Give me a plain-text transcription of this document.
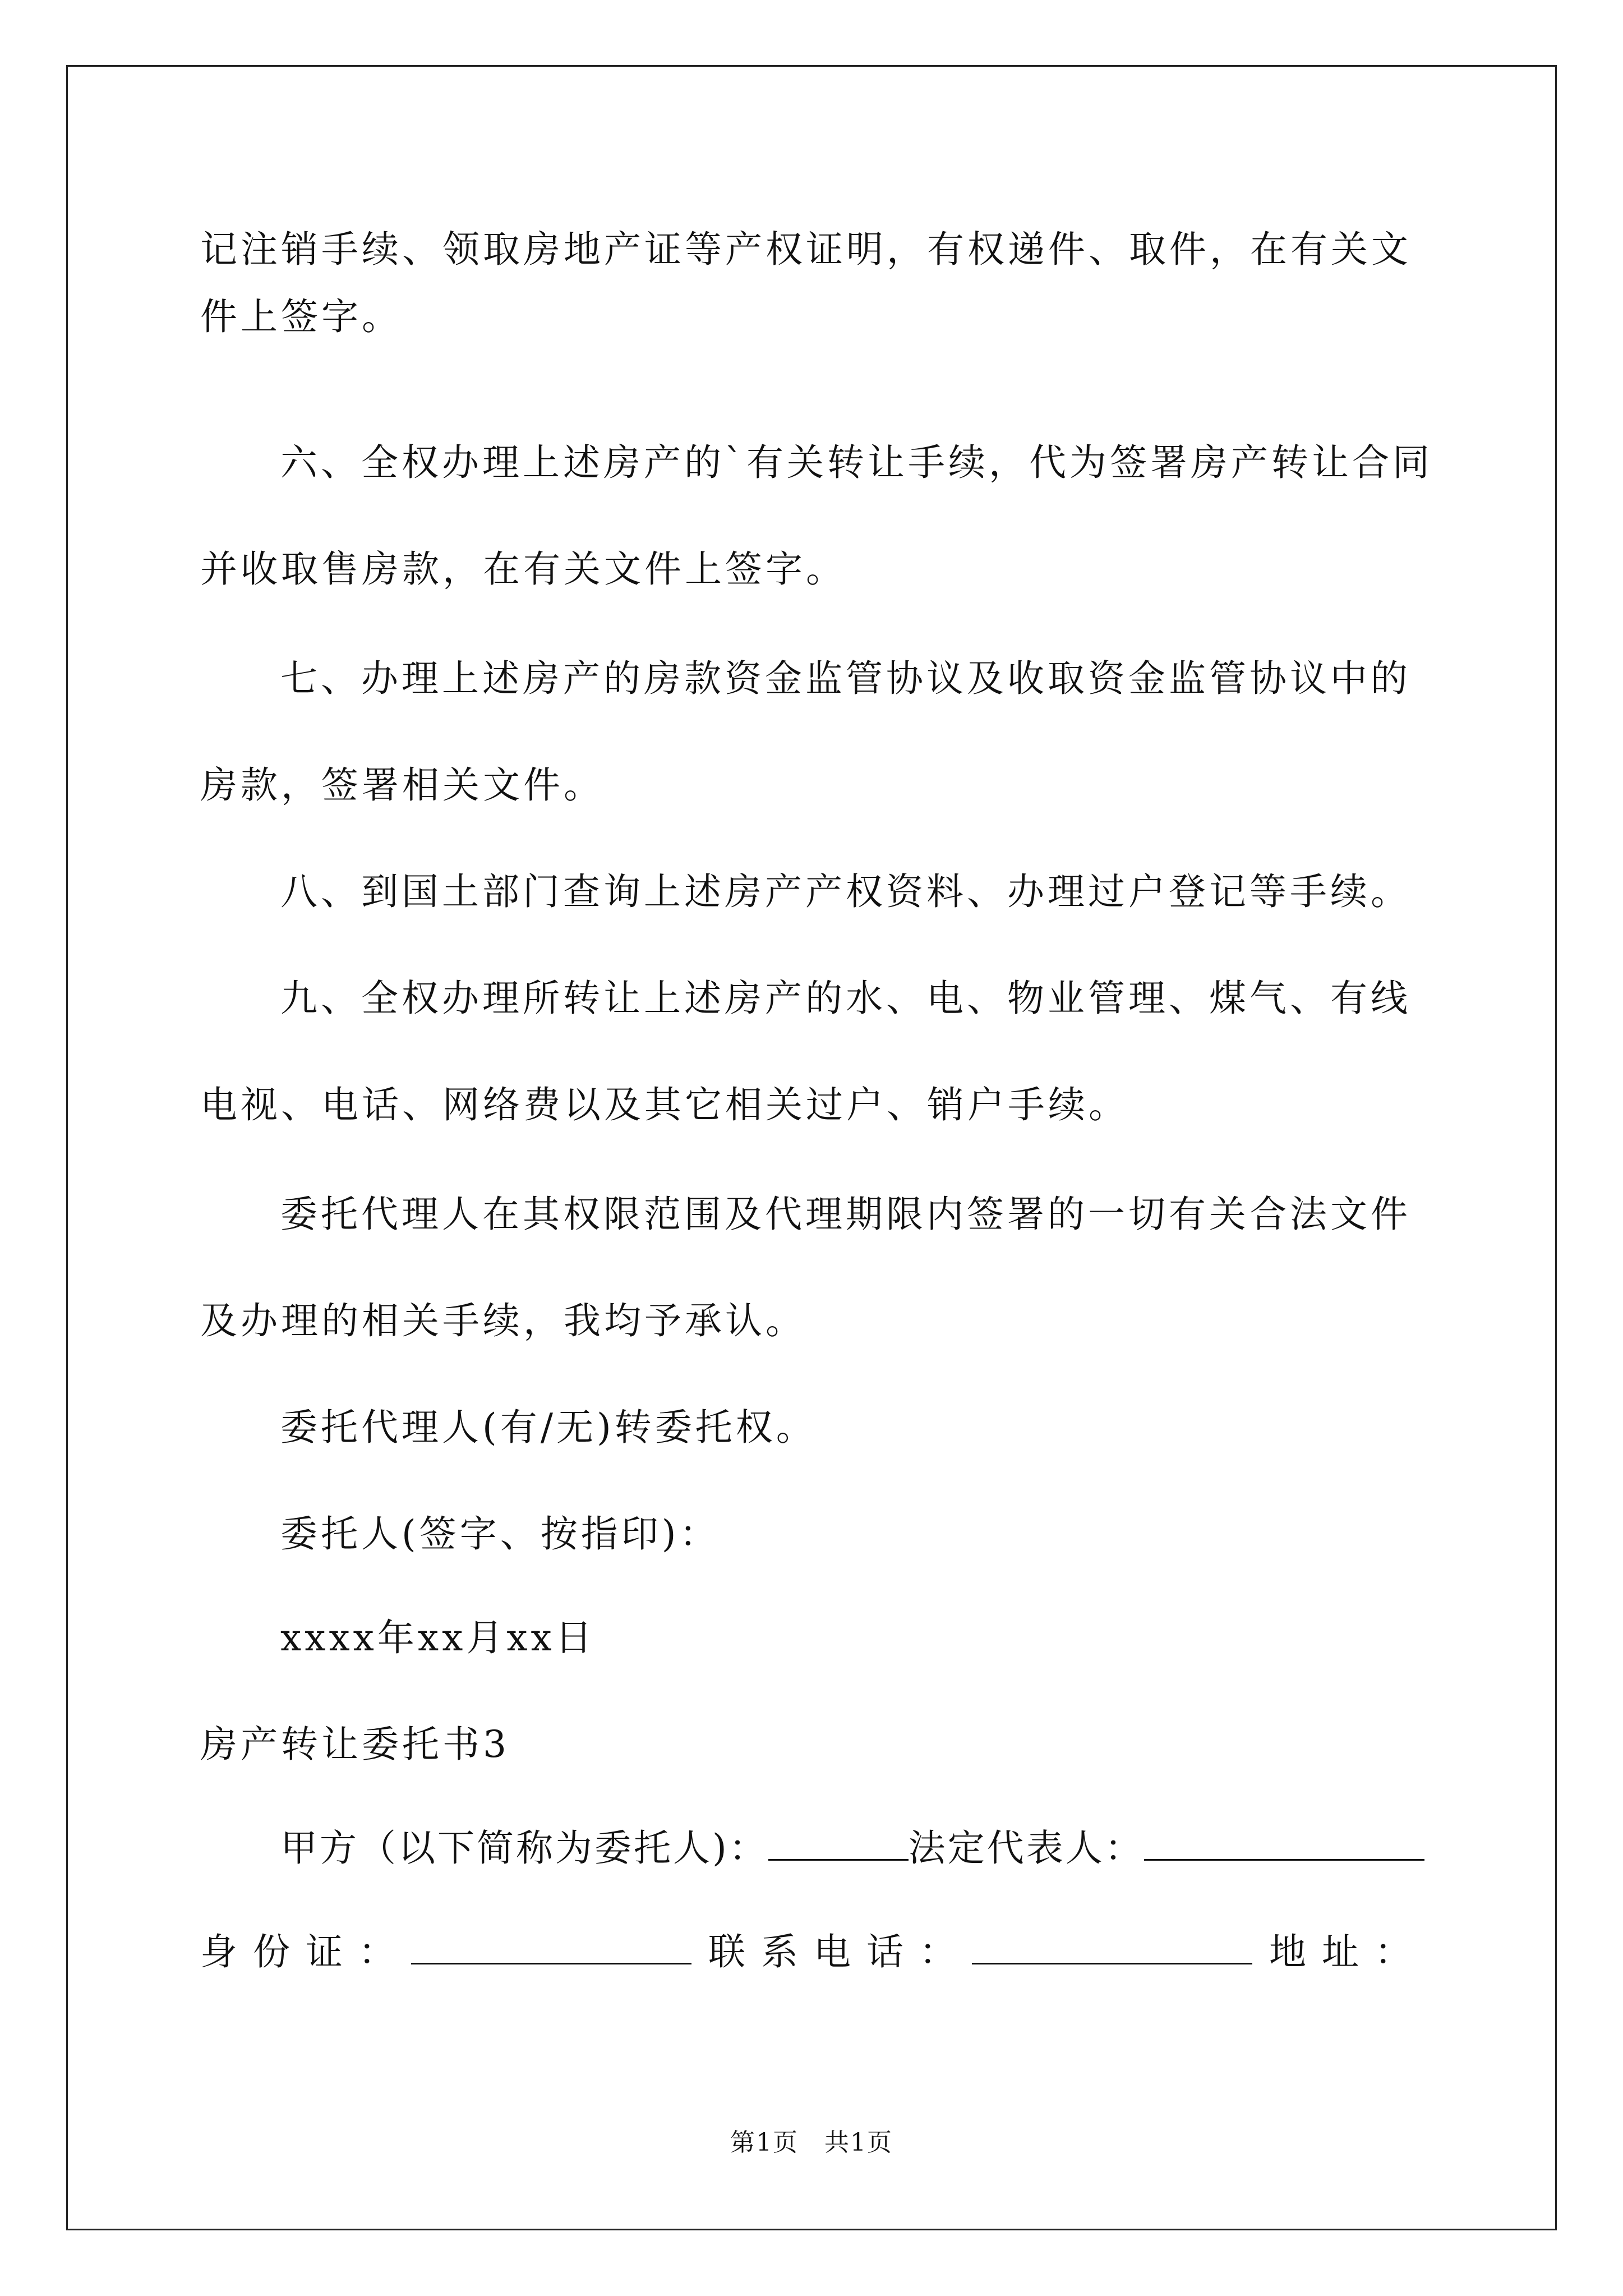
记注销手续、领取房地产证等产权证明，有权递件、取件，在有关文
件上签字。
六、全权办理上述房产的`有关转让手续，代为签署房产转让合同
并收取售房款，在有关文件上签字。
七、办理上述房产的房款资金监管协议及收取资金监管协议中的
房款，签署相关文件。
八、到国土部门查询上述房产产权资料、办理过户登记等手续。
九、全权办理所转让上述房产的水、电、物业管理、煤气、有线
电视、电话、网络费以及其它相关过户、销户手续。
委托代理人在其权限范围及代理期限内签署的一切有关合法文件
及办理的相关手续，我均予承认。
委托代理人(有/无)转委托权。
委托人(签字、按指印)：
xxxx年xx月xx日
房产转让委托书3
甲方（以下简称为委托人)：	法定代表人：
身份证：	联系电话：	地址：
第1页　共1页
